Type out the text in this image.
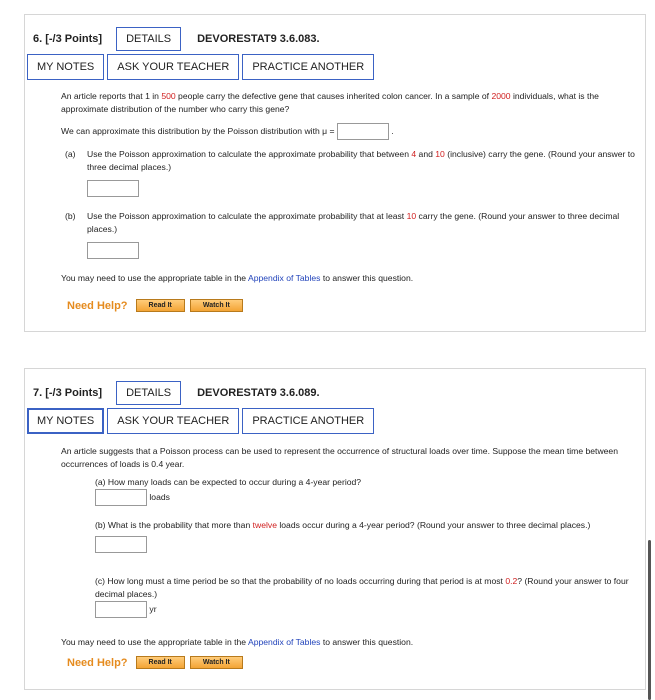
6. [-/3 Points]	DETAILS	DEVORESTAT9 3.6.083.
MY NOTES	ASK YOUR TEACHER	PRACTICE ANOTHER
An article reports that 1 in 500 people carry the defective gene that causes inherited colon cancer. In a sample of 2000 individuals, what is the approximate distribution of the number who carry this gene?
We can approximate this distribution by the Poisson distribution with μ =	.
(a)	Use the Poisson approximation to calculate the approximate probability that between 4 and 10 (inclusive) carry the gene. (Round your answer to three decimal places.)
(b)	Use the Poisson approximation to calculate the approximate probability that at least 10 carry the gene. (Round your answer to three decimal places.)
You may need to use the appropriate table in the Appendix of Tables to answer this question.
Need Help?	Read It	Watch It
7. [-/3 Points]	DETAILS	DEVORESTAT9 3.6.089.
MY NOTES	ASK YOUR TEACHER	PRACTICE ANOTHER
An article suggests that a Poisson process can be used to represent the occurrence of structural loads over time. Suppose the mean time between occurrences of loads is 0.4 year.
(a) How many loads can be expected to occur during a 4-year period?
loads
(b) What is the probability that more than twelve loads occur during a 4-year period? (Round your answer to three decimal places.)
(c) How long must a time period be so that the probability of no loads occurring during that period is at most 0.2? (Round your answer to four decimal places.)
yr
You may need to use the appropriate table in the Appendix of Tables to answer this question.
Need Help?	Read It	Watch It
